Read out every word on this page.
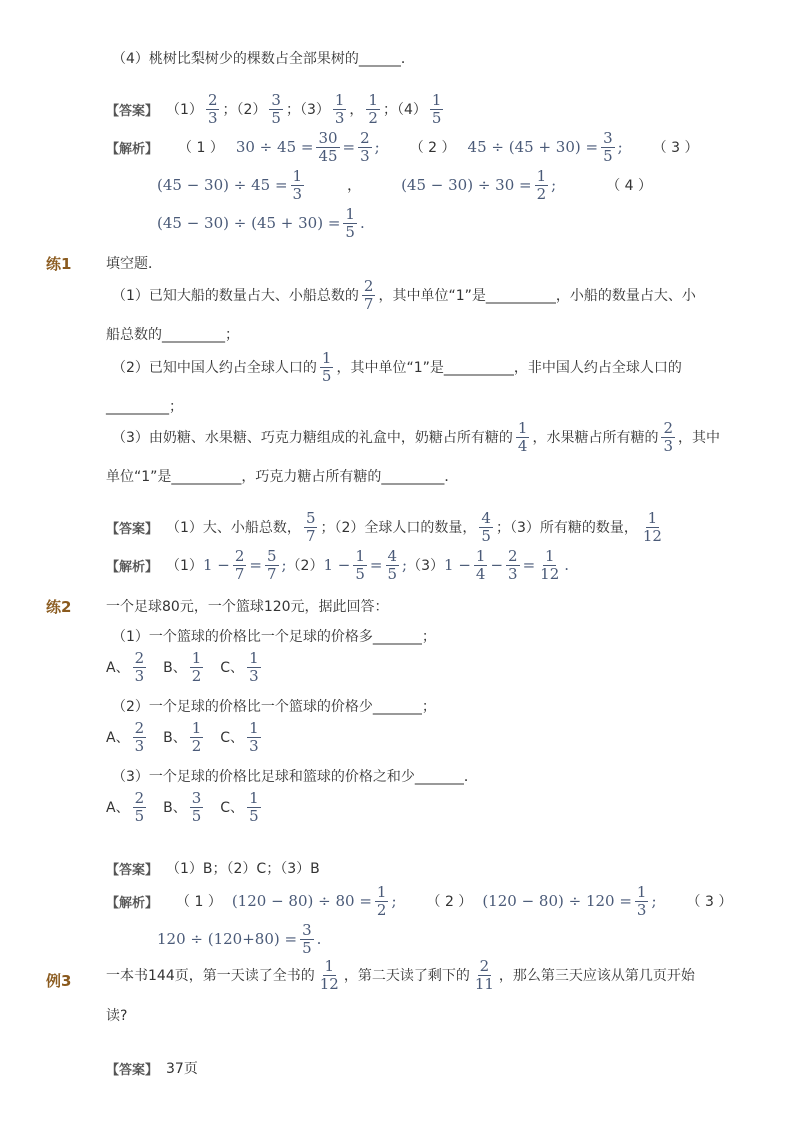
（4）桃树比梨树少的棵数占全部果树的______．
【答案】 $(1) \frac{2}{3}$ ；$(2) \frac{3}{5}$ ；$(3) \frac{1}{3}$ ， $\frac{1}{2}$ ；$(4) \frac{1}{5}$
【解析】 （ 1 ） $30 \div 45 = \frac{30}{45} = \frac{2}{3}$ ; （ 2 ） $45 \div (45 + 30) = \frac{3}{5}$ ; （ 3 ）
$(45 - 30) \div 45 = \frac{1}{3}$	，	$(45 - 30) \div 30 = \frac{1}{2}$ ;	（ 4 ）
$(45 - 30) \div (45 + 30) = \frac{1}{5}$ .
练1 填空题．
（1）已知大船的数量占大、小船总数的 $\frac{2}{7}$ ，其中单位“1”是__________，小船的数量占大、小
船总数的_________；
（2）已知中国人约占全球人口的 $\frac{1}{5}$ ，其中单位“1”是__________，非中国人约占全球人口的
_________；
（3）由奶糖、水果糖、巧克力糖组成的礼盒中，奶糖占所有糖的 $\frac{1}{4}$ ，水果糖占所有糖的 $\frac{2}{3}$ ，其中
单位“1”是__________，巧克力糖占所有糖的_________．
【答案】 （1）大、小船总数， $\frac{5}{7}$ ；（2）全球人口的数量， $\frac{4}{5}$ ；（3）所有糖的数量， $\frac{1}{12}$
【解析】 （1） $1 - \frac{2}{7} = \frac{5}{7}$ ; （2） $1 - \frac{1}{5} = \frac{4}{5}$ ; （3） $1 - \frac{1}{4} - \frac{2}{3} = \frac{1}{12}$ .
练2 一个足球80元，一个篮球120元，据此回答：
（1）一个篮球的价格比一个足球的价格多_______；
A、 $\frac{2}{3}$ B、 $\frac{1}{2}$ C、 $\frac{1}{3}$
（2）一个足球的价格比一个篮球的价格少_______；
A、 $\frac{2}{3}$ B、 $\frac{1}{2}$ C、 $\frac{1}{3}$
（3）一个足球的价格比足球和篮球的价格之和少_______．
A、 $\frac{2}{5}$ B、 $\frac{3}{5}$ C、 $\frac{1}{5}$
【答案】 （1）B；（2）C；（3）B
【解析】 （ 1 ） $(120 - 80) \div 80 = \frac{1}{2}$ ; （ 2 ） $(120 - 80) \div 120 = \frac{1}{3}$ ; （ 3 ）
$120 \div (120+80) = \frac{3}{5}$ .
例3 一本书144页，第一天读了全书的 $\frac{1}{12}$ ，第二天读了剩下的 $\frac{2}{11}$ ，那么第三天应该从第几页开始
读?
【答案】 37页
